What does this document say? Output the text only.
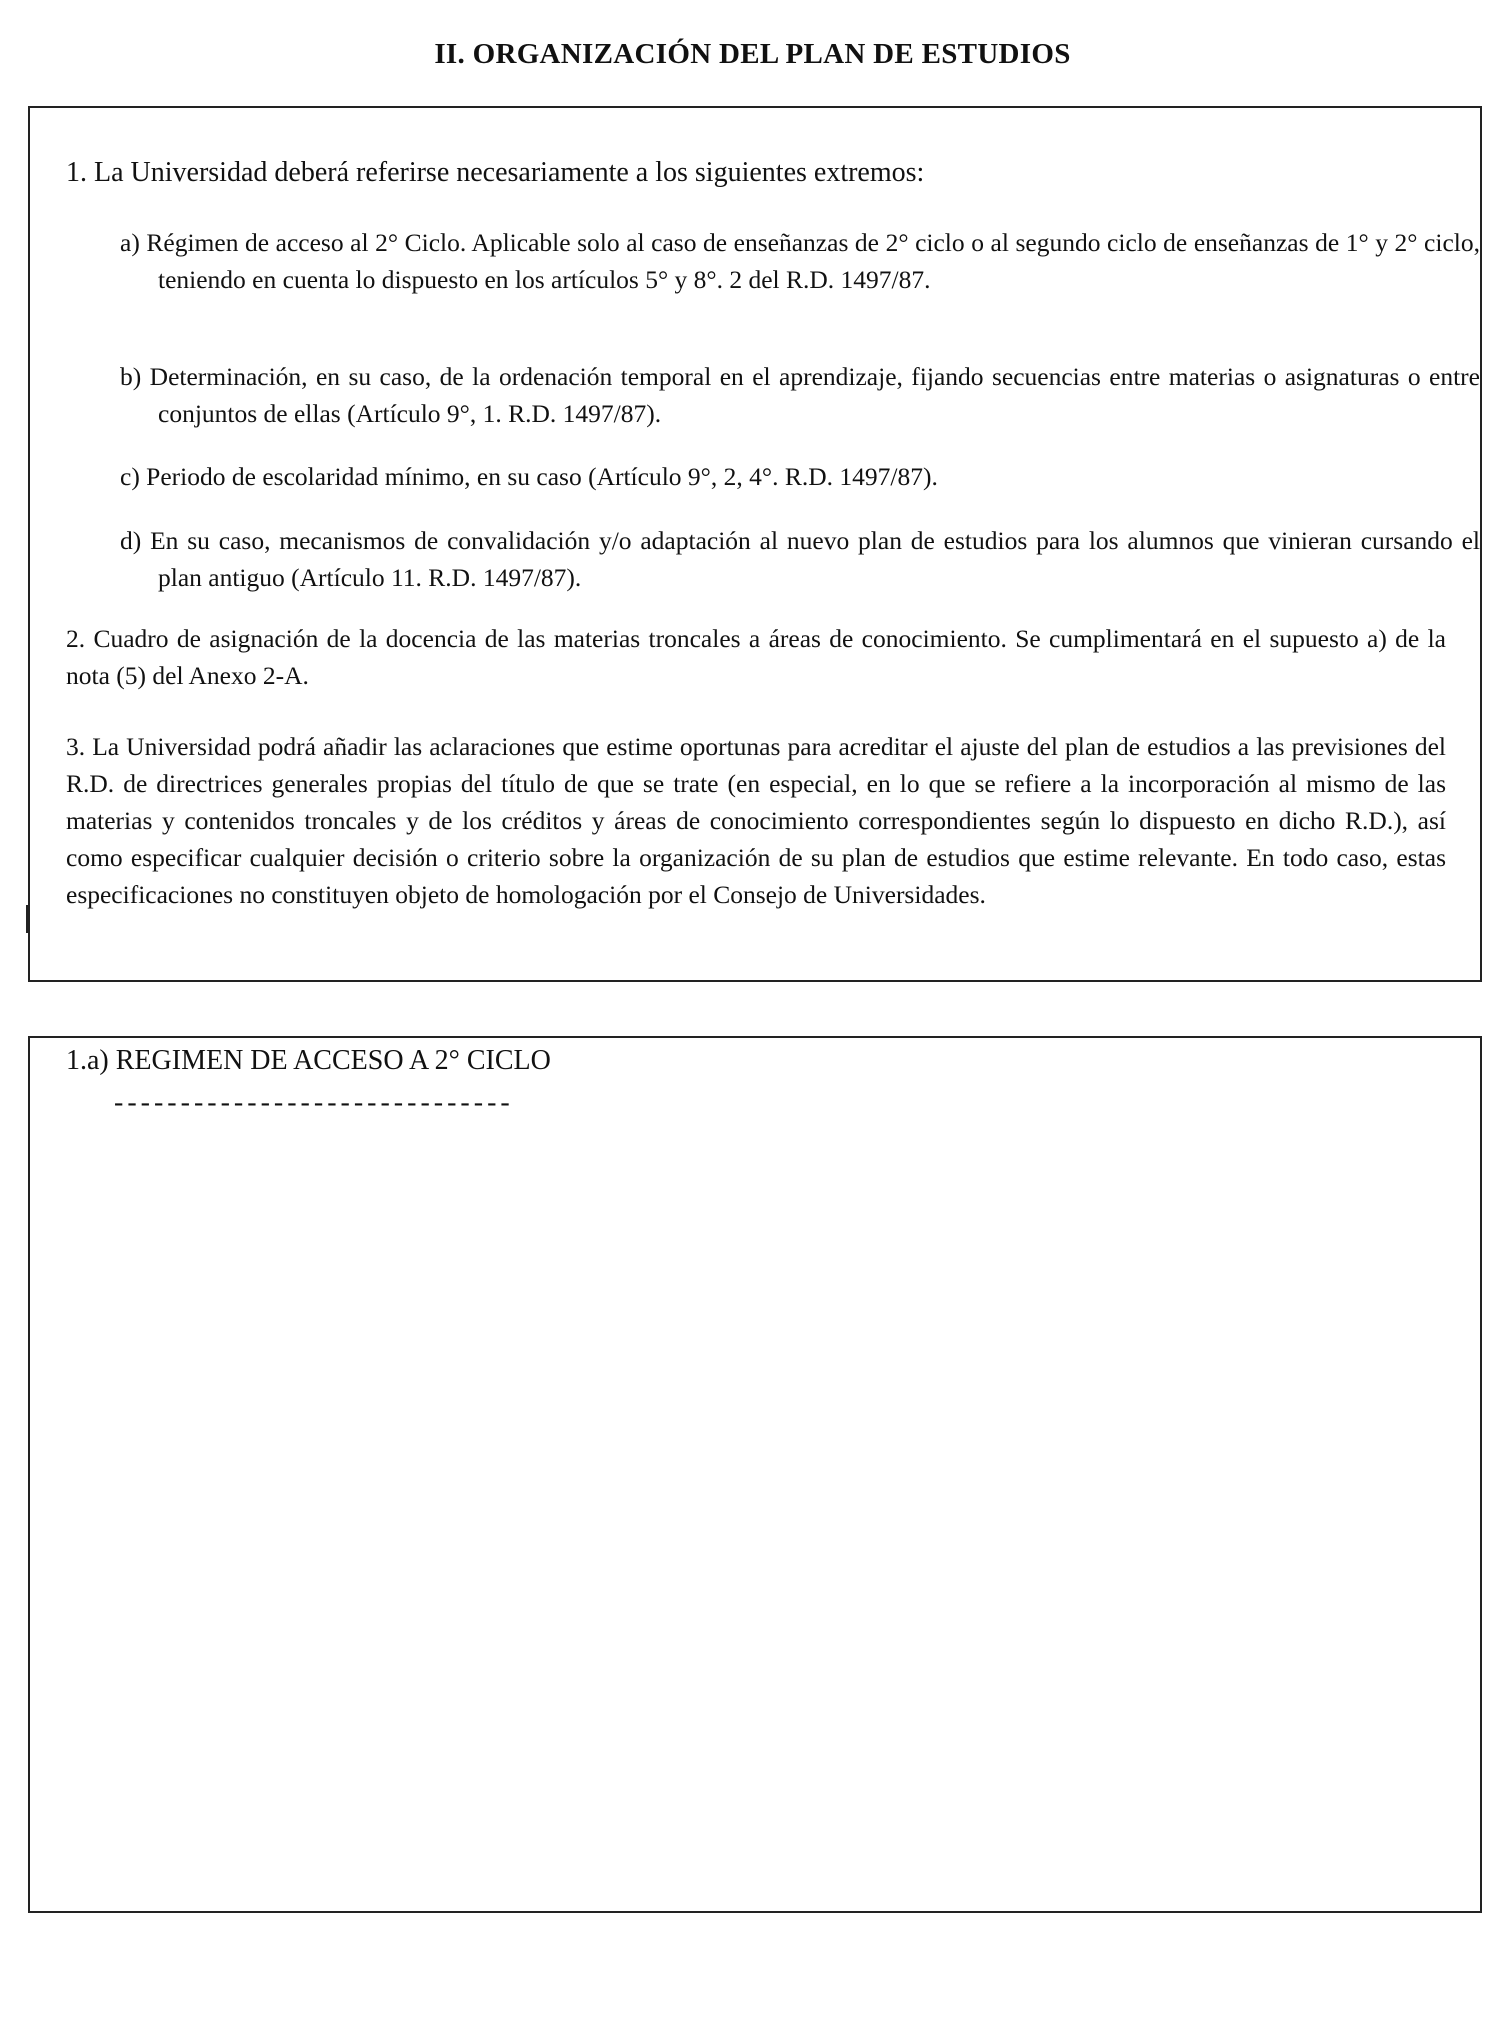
II. ORGANIZACIÓN DEL PLAN DE ESTUDIOS

1. La Universidad deberá referirse necesariamente a los siguientes extremos:

a) Régimen de acceso al 2° Ciclo. Aplicable solo al caso de enseñanzas de 2° ciclo o al segundo ciclo de enseñanzas de 1° y 2° ciclo, teniendo en cuenta lo dispuesto en los artículos 5° y 8°. 2 del R.D. 1497/87.

b) Determinación, en su caso, de la ordenación temporal en el aprendizaje, fijando secuencias entre materias o asignaturas o entre conjuntos de ellas (Artículo 9°, 1. R.D. 1497/87).

c) Periodo de escolaridad mínimo, en su caso (Artículo 9°, 2, 4°. R.D. 1497/87).

d) En su caso, mecanismos de convalidación y/o adaptación al nuevo plan de estudios para los alumnos que vinieran cursando el plan antiguo (Artículo 11. R.D. 1497/87).

2. Cuadro de asignación de la docencia de las materias troncales a áreas de conocimiento. Se cumplimentará en el supuesto a) de la nota (5) del Anexo 2-A.

3. La Universidad podrá añadir las aclaraciones que estime oportunas para acreditar el ajuste del plan de estudios a las previsiones del R.D. de directrices generales propias del título de que se trate (en especial, en lo que se refiere a la incorporación al mismo de las materias y contenidos troncales y de los créditos y áreas de conocimiento correspondientes según lo dispuesto en dicho R.D.), así como especificar cualquier decisión o criterio sobre la organización de su plan de estudios que estime relevante. En todo caso, estas especificaciones no constituyen objeto de homologación por el Consejo de Universidades.

1.a) REGIMEN DE ACCESO A 2° CICLO
------------------------------
